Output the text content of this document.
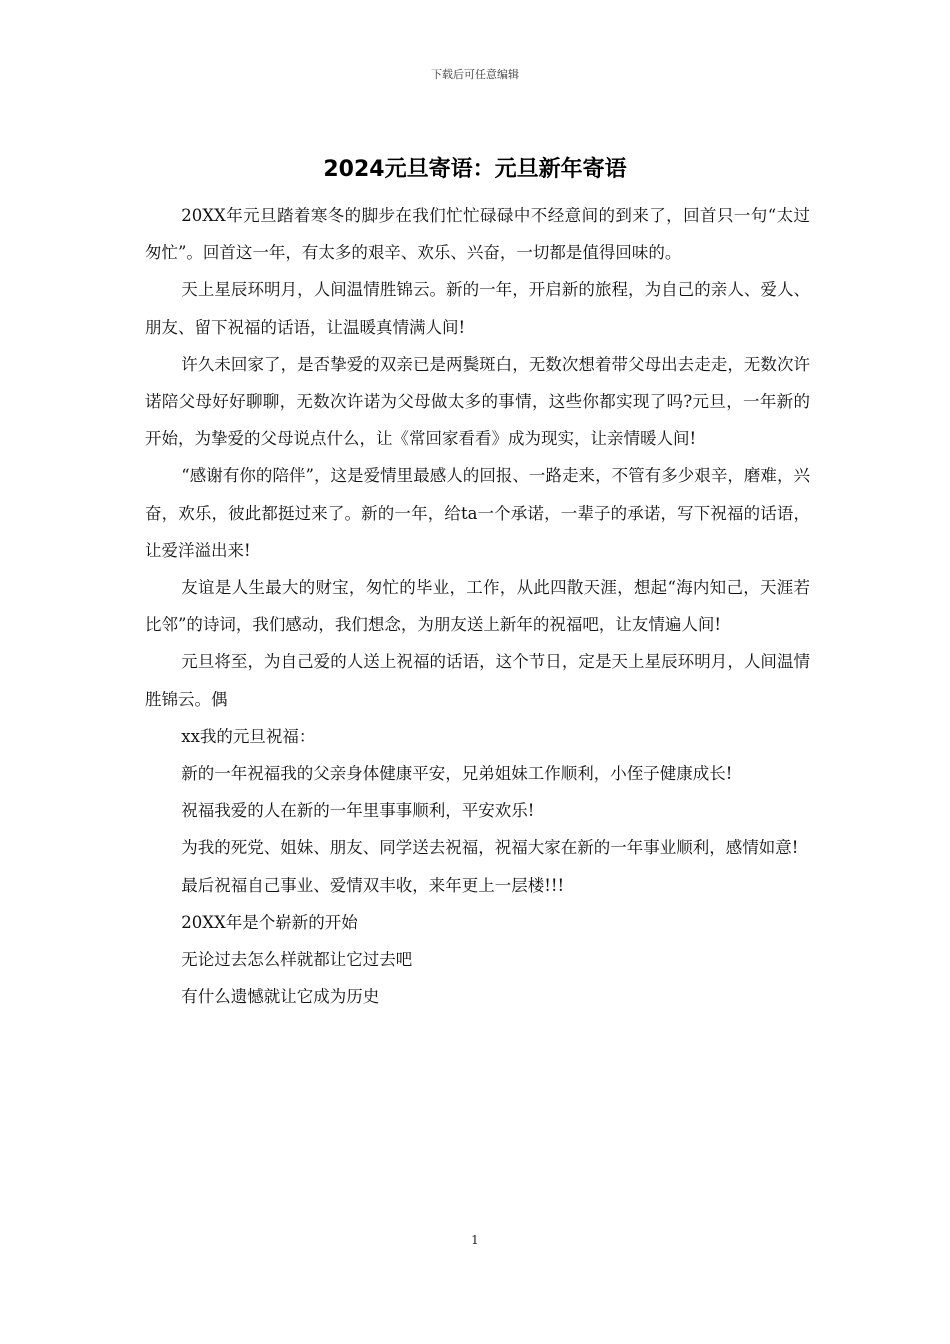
下载后可任意编辑
2024元旦寄语：元旦新年寄语

20XX年元旦踏着寒冬的脚步在我们忙忙碌碌中不经意间的到来了，回首只一句“太过匆忙”。回首这一年，有太多的艰辛、欢乐、兴奋，一切都是值得回味的。

天上星辰环明月，人间温情胜锦云。新的一年，开启新的旅程，为自己的亲人、爱人、朋友、留下祝福的话语，让温暖真情满人间!

许久未回家了，是否挚爱的双亲已是两鬓斑白，无数次想着带父母出去走走，无数次许诺陪父母好好聊聊，无数次许诺为父母做太多的事情，这些你都实现了吗?元旦，一年新的开始，为挚爱的父母说点什么，让《常回家看看》成为现实，让亲情暖人间!

“感谢有你的陪伴”，这是爱情里最感人的回报、一路走来，不管有多少艰辛，磨难，兴奋，欢乐，彼此都挺过来了。新的一年，给ta一个承诺，一辈子的承诺，写下祝福的话语，让爱洋溢出来!

友谊是人生最大的财宝，匆忙的毕业，工作，从此四散天涯，想起“海内知己，天涯若比邻”的诗词，我们感动，我们想念，为朋友送上新年的祝福吧，让友情遍人间!

元旦将至，为自己爱的人送上祝福的话语，这个节日，定是天上星辰环明月，人间温情胜锦云。偶

xx我的元旦祝福：

新的一年祝福我的父亲身体健康平安，兄弟姐妹工作顺利，小侄子健康成长!

祝福我爱的人在新的一年里事事顺利，平安欢乐!

为我的死党、姐妹、朋友、同学送去祝福，祝福大家在新的一年事业顺利，感情如意!

最后祝福自己事业、爱情双丰收，来年更上一层楼!!!

20XX年是个崭新的开始

无论过去怎么样就都让它过去吧

有什么遗憾就让它成为历史

1
